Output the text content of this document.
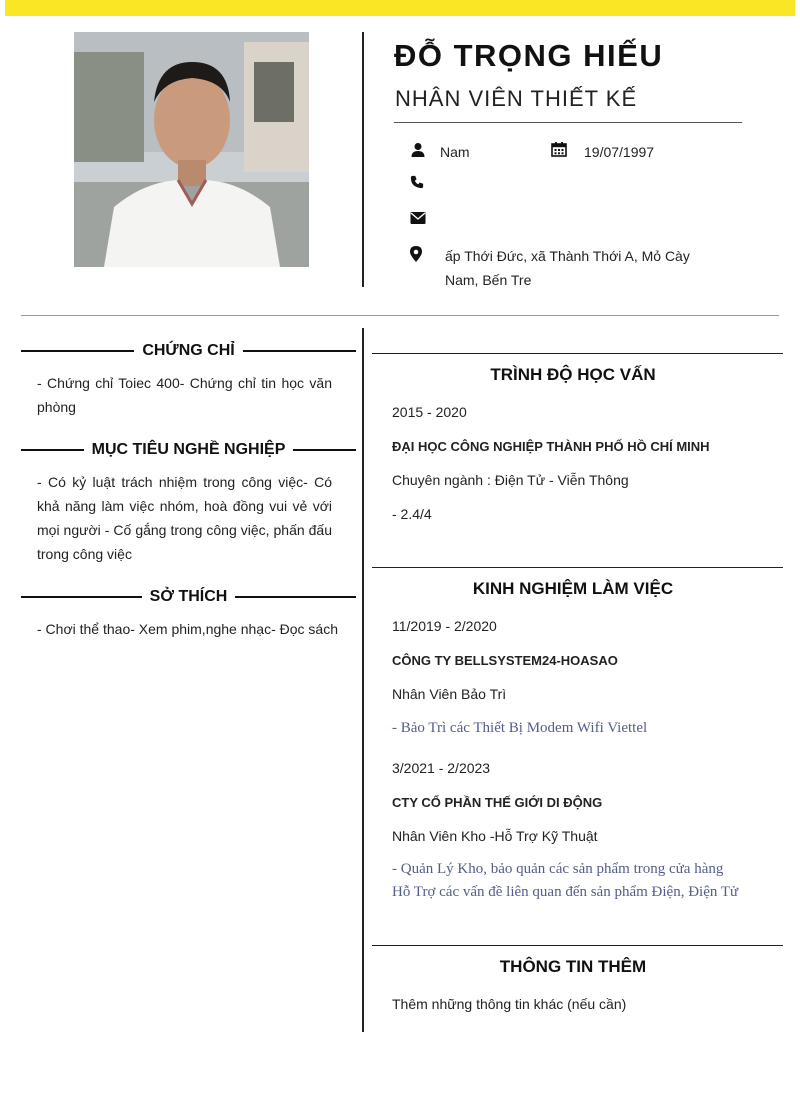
ĐỖ TRỌNG HIẾU
NHÂN VIÊN THIẾT KẾ
Nam	19/07/1997
ấp Thới Đức, xã Thành Thới A, Mỏ Cày Nam, Bến Tre
CHỨNG CHỈ
- Chứng chỉ Toiec 400- Chứng chỉ tin học văn phòng
MỤC TIÊU NGHỀ NGHIỆP
- Có kỷ luật trách nhiệm trong công việc- Có khả năng làm việc nhóm, hoà đồng vui vẻ với mọi người - Cố gắng trong công việc, phấn đấu trong công việc
SỞ THÍCH
- Chơi thể thao- Xem phim,nghe nhạc- Đọc sách
TRÌNH ĐỘ HỌC VẤN
2015 - 2020
ĐẠI HỌC CÔNG NGHIỆP THÀNH PHỐ HỒ CHÍ MINH
Chuyên ngành : Điện Tử - Viễn Thông
- 2.4/4
KINH NGHIỆM LÀM VIỆC
11/2019 - 2/2020
CÔNG TY BELLSYSTEM24-HOASAO
Nhân Viên Bảo Trì
- Bảo Trì các Thiết Bị Modem Wifi Viettel
3/2021 - 2/2023
CTY CỔ PHẦN THẾ GIỚI DI ĐỘNG
Nhân Viên Kho -Hỗ Trợ Kỹ Thuật
- Quản Lý Kho, bảo quản các sản phẩm trong cửa hàng
Hỗ Trợ các vấn đề liên quan đến sản phẩm Điện, Điện Tử
THÔNG TIN THÊM
Thêm những thông tin khác (nếu cần)
